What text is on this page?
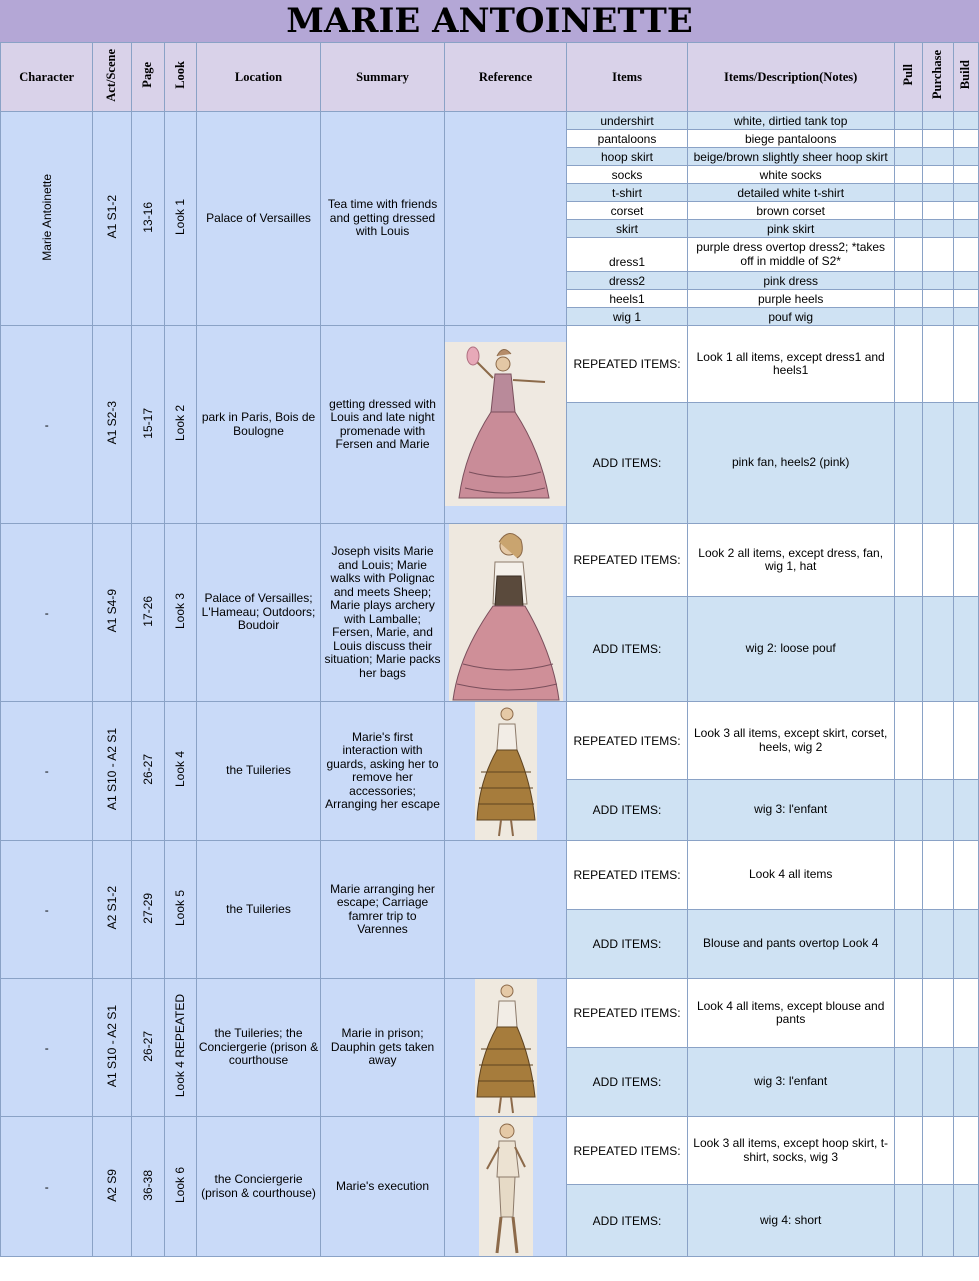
MARIE ANTOINETTE
Character	Act/Scene	Page	Look	Location	Summary	Reference	Items	Items/Description(Notes)	Pull	Purchase	Build
Marie Antoinette	A1 S1-2	13-16	Look 1	Palace of Versailles	Tea time with friends and getting dressed with Louis		undershirt	white, dirtied tank top			
							pantaloons	biege pantaloons			
							hoop skirt	beige/brown slightly sheer hoop skirt			
							socks	white socks			
							t-shirt	detailed white t-shirt			
							corset	brown corset			
							skirt	pink skirt			
							dress1	purple dress overtop dress2; *takes off in middle of S2*			
							dress2	pink dress			
							heels1	purple heels			
							wig 1	pouf wig			
-	A1 S2-3	15-17	Look 2	park in Paris, Bois de Boulogne	getting dressed with Louis and late night promenade with Fersen and Marie		REPEATED ITEMS:	Look 1 all items, except dress1 and heels1			
							ADD ITEMS:	pink fan, heels2 (pink)			
-	A1 S4-9	17-26	Look 3	Palace of Versailles; L'Hameau; Outdoors; Boudoir	Joseph visits Marie and Louis; Marie walks with Polignac and meets Sheep; Marie plays archery with Lamballe; Fersen, Marie, and Louis discuss their situation; Marie packs her bags		REPEATED ITEMS:	Look 2 all items, except dress, fan, wig 1, hat			
							ADD ITEMS:	wig 2: loose pouf			
-	A1 S10 - A2 S1	26-27	Look 4	the Tuileries	Marie's first interaction with guards, asking her to remove her accessories; Arranging her escape		REPEATED ITEMS:	Look 3 all items, except skirt, corset, heels, wig 2			
							ADD ITEMS:	wig 3: l'enfant			
-	A2 S1-2	27-29	Look 5	the Tuileries	Marie arranging her escape; Carriage famrer trip to Varennes		REPEATED ITEMS:	Look 4 all items			
							ADD ITEMS:	Blouse and pants overtop Look 4			
-	A1 S10 - A2 S1	26-27	Look 4 REPEATED	the Tuileries; the Conciergerie (prison & courthouse	Marie in prison; Dauphin gets taken away		REPEATED ITEMS:	Look 4 all items, except blouse and pants			
							ADD ITEMS:	wig 3: l'enfant			
-	A2 S9	36-38	Look 6	the Conciergerie (prison & courthouse)	Marie's execution		REPEATED ITEMS:	Look 3 all items, except hoop skirt, t-shirt, socks, wig 3			
							ADD ITEMS:	wig 4: short			
